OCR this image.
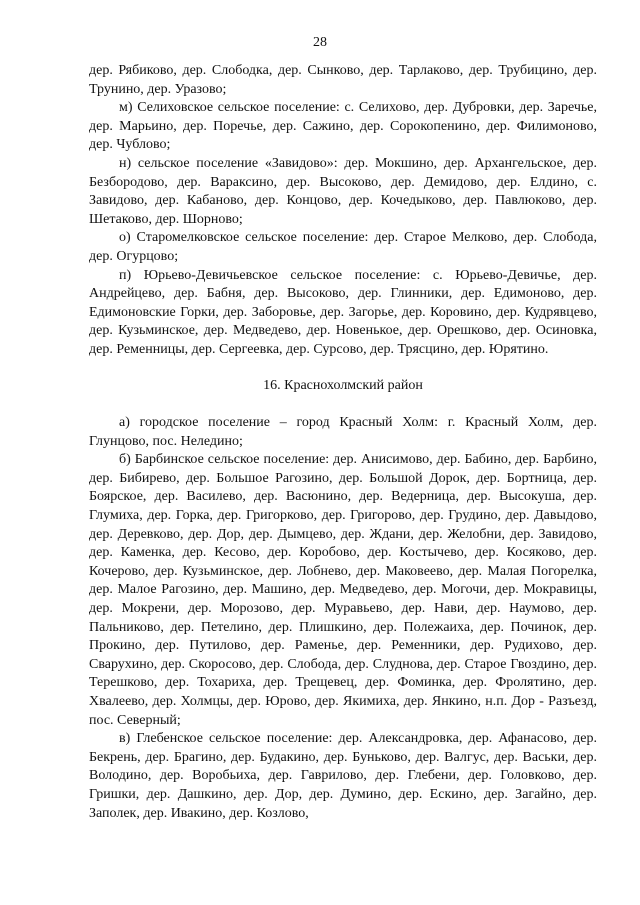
28

дер. Рябиково, дер. Слободка, дер. Сынково, дер. Тарлаково, дер. Трубицино, дер. Трунино, дер. Уразово;

м) Селиховское сельское поселение: с. Селихово, дер. Дубровки, дер. Заречье, дер. Марьино, дер. Поречье, дер. Сажино, дер. Сорокопенино, дер. Филимоново, дер. Чублово;

н) сельское поселение «Завидово»: дер. Мокшино, дер. Архангельское, дер. Безбородово, дер. Вараксино, дер. Высоково, дер. Демидово, дер. Елдино, с. Завидово, дер. Кабаново, дер. Концово, дер. Кочедыково, дер. Павлюково, дер. Шетаково, дер. Шорново;

о) Старомелковское сельское поселение: дер. Старое Мелково, дер. Слобода, дер. Огурцово;

п) Юрьево-Девичьевское сельское поселение: с. Юрьево-Девичье, дер. Андрейцево, дер. Бабня, дер. Высоково, дер. Глинники, дер. Едимоново, дер. Едимоновские Горки, дер. Заборовье, дер. Загорье, дер. Коровино, дер. Кудрявцево, дер. Кузьминское, дер. Медведево, дер. Новенькое, дер. Орешково, дер. Осиновка, дер. Ременницы, дер. Сергеевка, дер. Сурсово, дер. Трясцино, дер. Юрятино.

16. Краснохолмский район

а) городское поселение – город Красный Холм: г. Красный Холм, дер. Глунцово, пос. Неледино;

б) Барбинское сельское поселение: дер. Анисимово, дер. Бабино, дер. Барбино, дер. Бибирево, дер. Большое Рагозино, дер. Большой Дорок, дер. Бортница, дер. Боярское, дер. Василево, дер. Васюнино, дер. Ведерница, дер. Высокуша, дер. Глумиха, дер. Горка, дер. Григорково, дер. Григорово, дер. Грудино, дер. Давыдово, дер. Деревково, дер. Дор, дер. Дымцево, дер. Ждани, дер. Желобни, дер. Завидово, дер. Каменка, дер. Кесово, дер. Коробово, дер. Костычево, дер. Косяково, дер. Кочерово, дер. Кузьминское, дер. Лобнево, дер. Маковеево, дер. Малая Погорелка, дер. Малое Рагозино, дер. Машино, дер. Медведево, дер. Могочи, дер. Мокравицы, дер. Мокрени, дер. Морозово, дер. Муравьево, дер. Нави, дер. Наумово, дер. Пальниково, дер. Петелино, дер. Плишкино, дер. Полежаиха, дер. Починок, дер. Прокино, дер. Путилово, дер. Раменье, дер. Ременники, дер. Рудихово, дер. Сварухино, дер. Скоросово, дер. Слобода, дер. Слуднова, дер. Старое Гвоздино, дер. Терешково, дер. Тохариха, дер. Трещевец, дер. Фоминка, дер. Фролятино, дер. Хвалеево, дер. Холмцы, дер. Юрово, дер. Якимиха, дер. Янкино, н.п. Дор - Разъезд, пос. Северный;

в) Глебенское сельское поселение: дер. Александровка, дер. Афанасово, дер. Бекрень, дер. Брагино, дер. Будакино, дер. Буньково, дер. Валгус, дер. Васьки, дер. Володино, дер. Воробьиха, дер. Гаврилово, дер. Глебени, дер. Головково, дер. Гришки, дер. Дашкино, дер. Дор, дер. Думино, дер. Ескино, дер. Загайно, дер. Заполек, дер. Ивакино, дер. Козлово,
